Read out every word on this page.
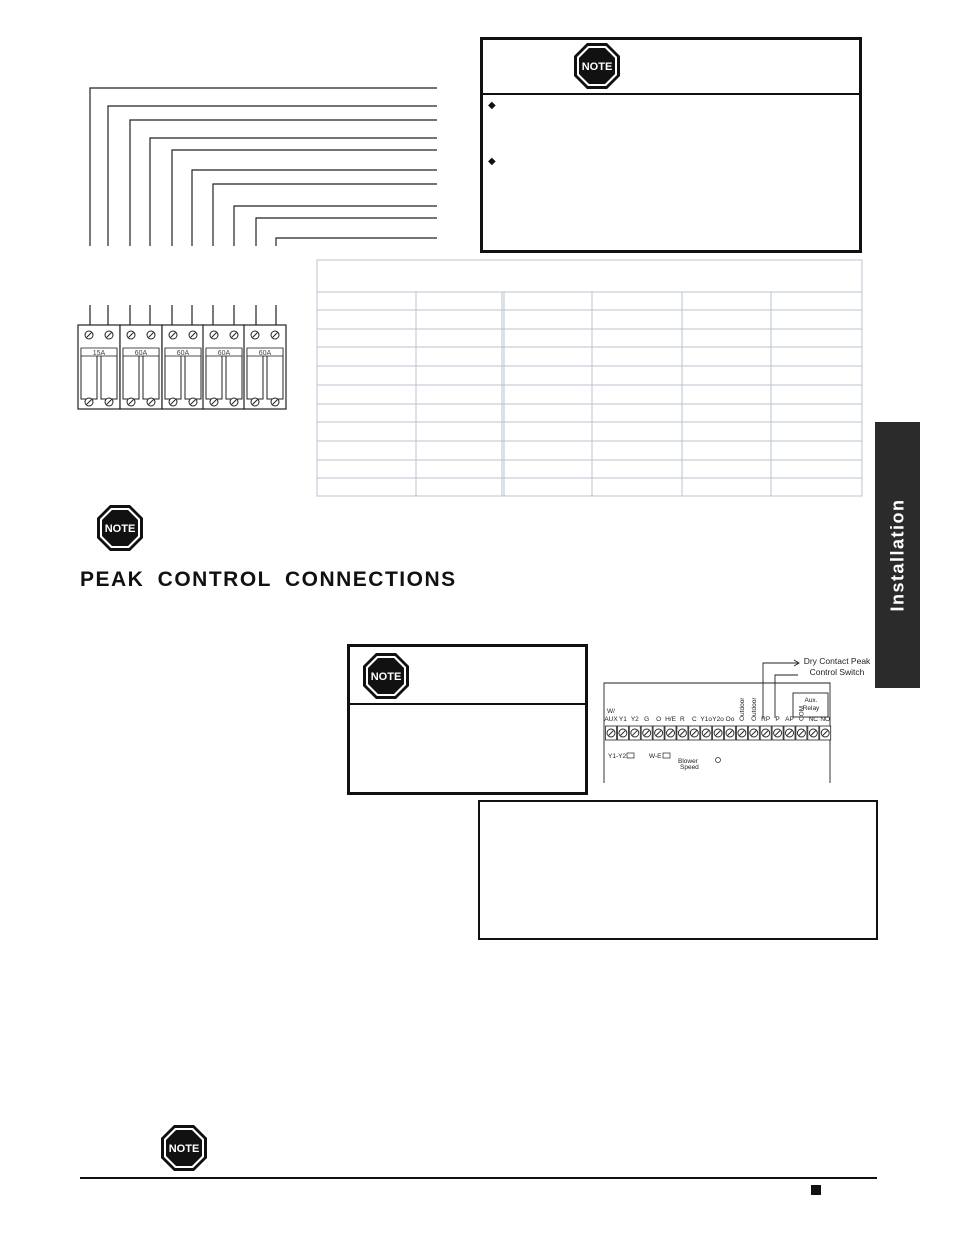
15A	60A	60A	60A	60A
◆
◆
NOTE
NOTE
PEAK CONTROL CONNECTIONS	Installation
NOTE
Dry Contact Peak
Control Switch
W/
AUX Y1 Y2 G O H/E R C Y1o Y2o Oo Outdoor Outdoor RP P AP COM NC NO
Aux.
Relay
Y1-Y2	W-E
Blower
Speed
NOTE
